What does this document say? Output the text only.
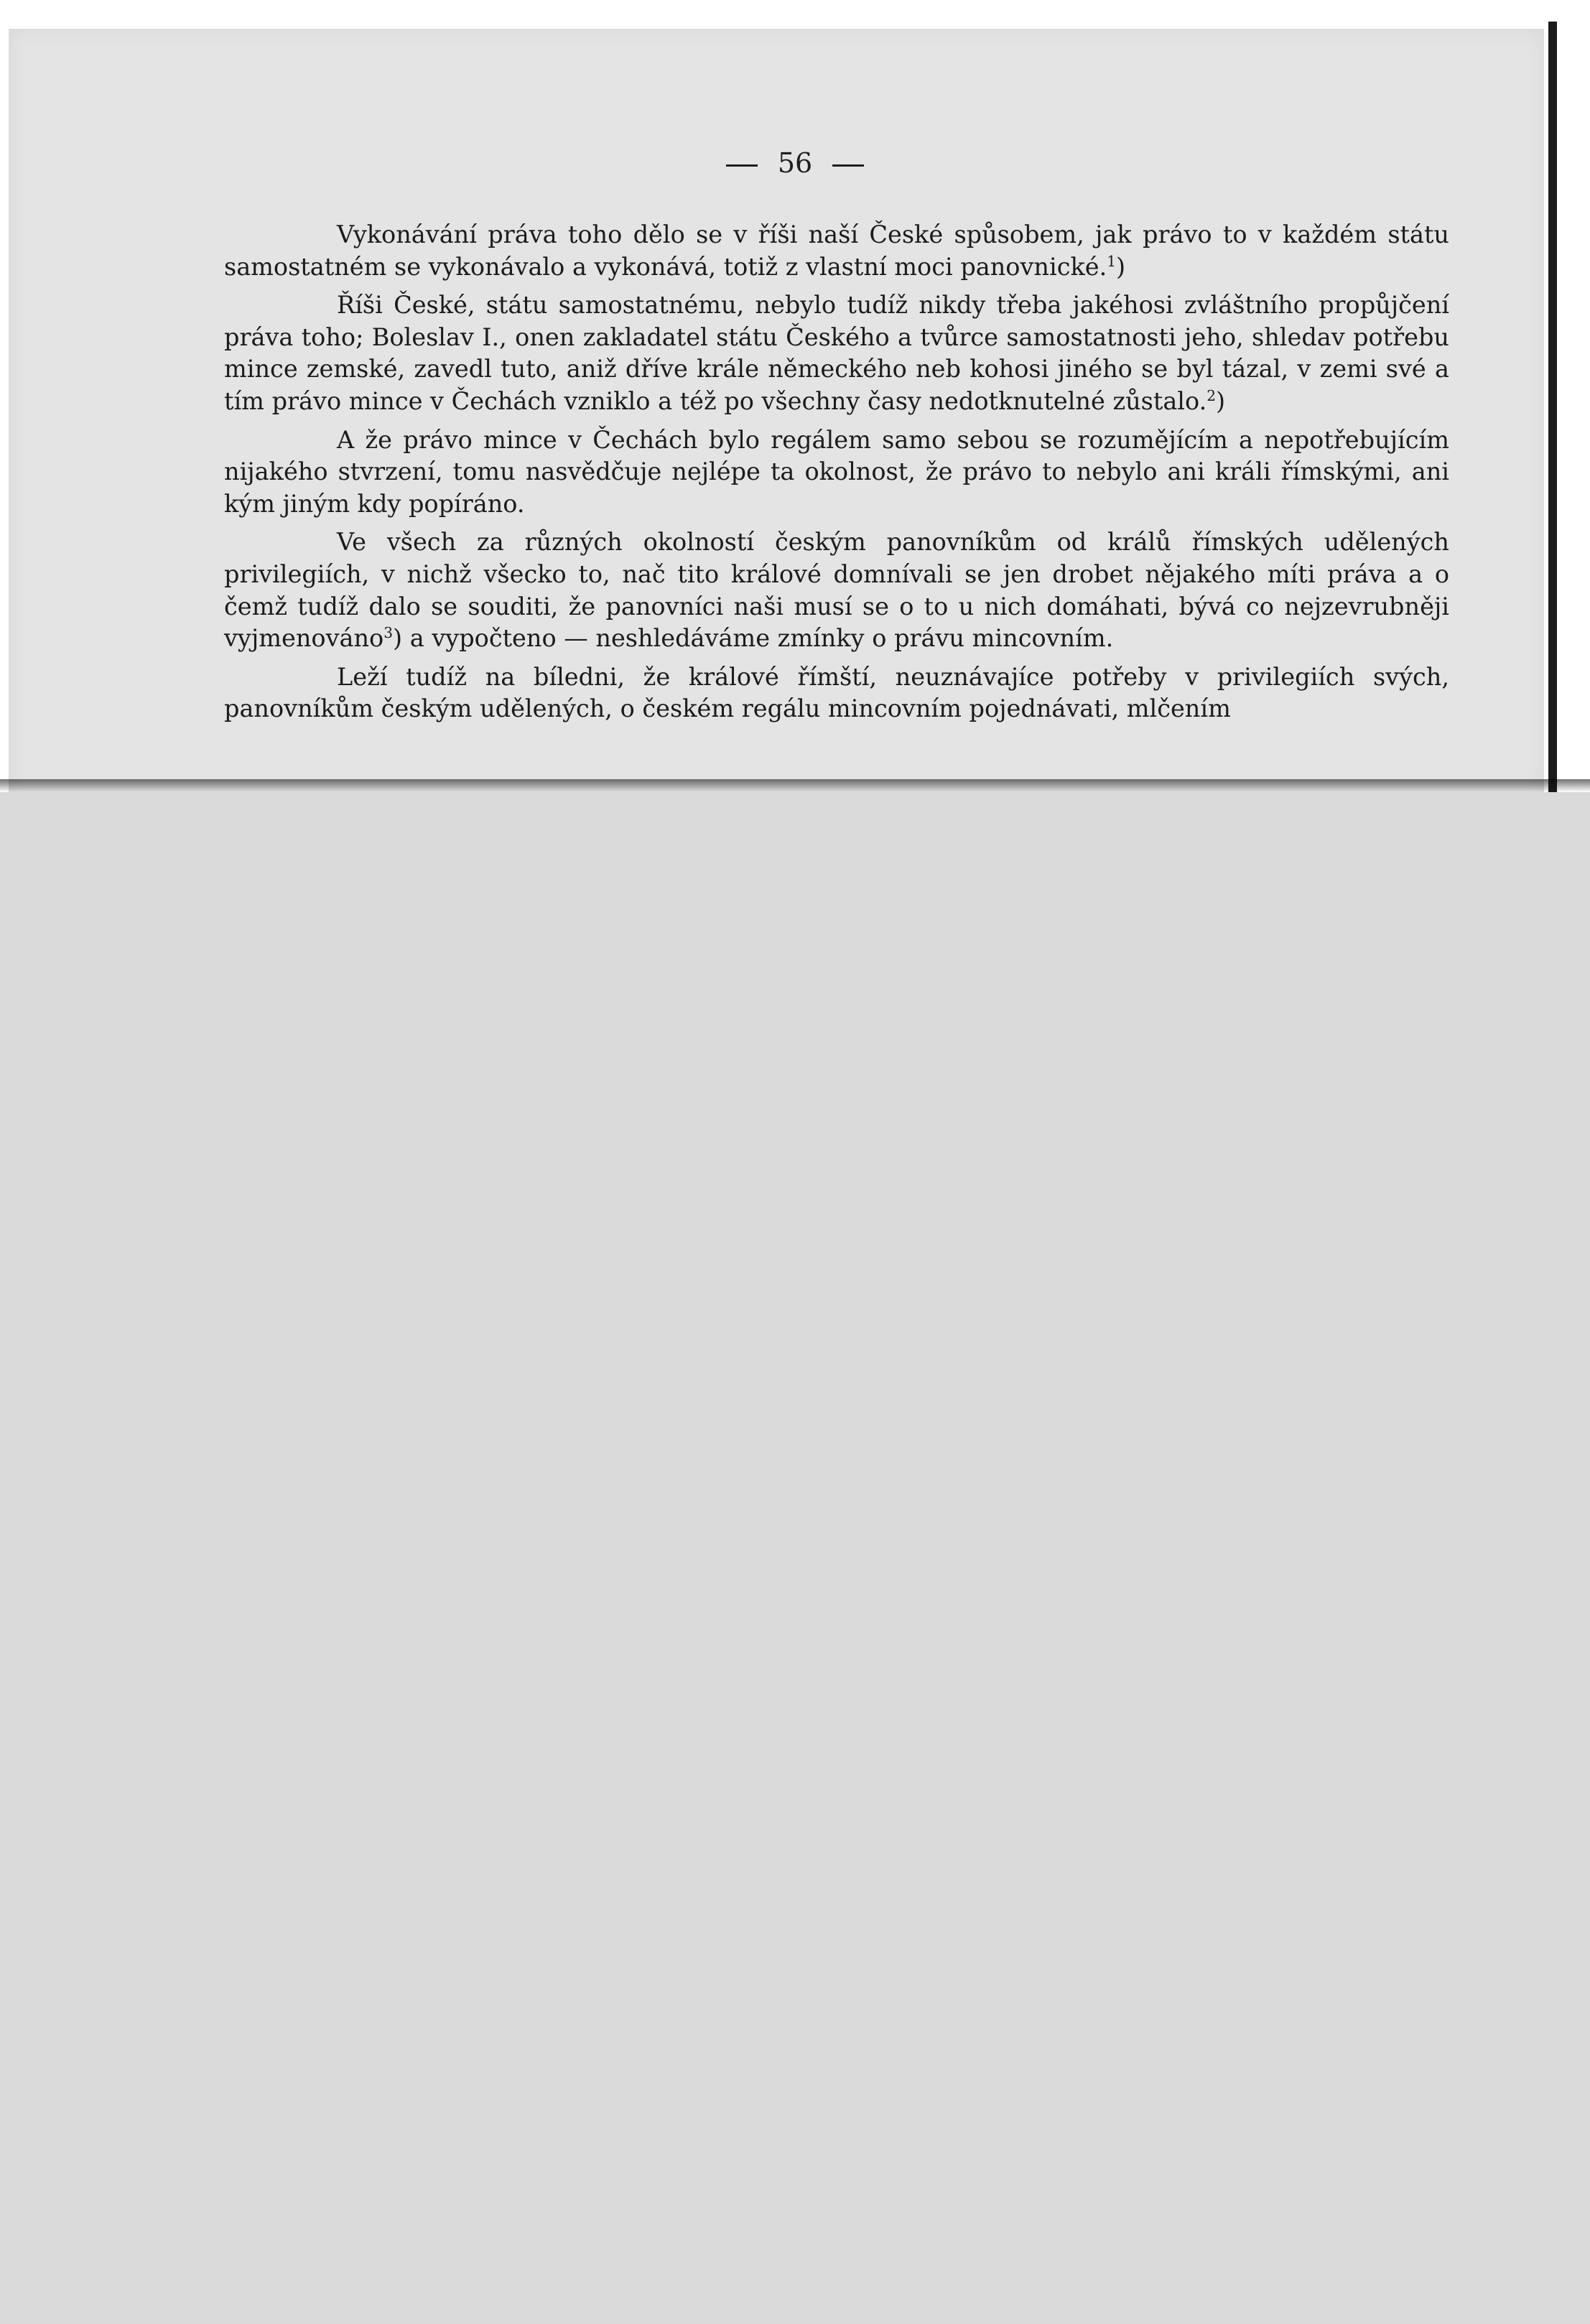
56

Vykonávání práva toho dělo se v říši naší České spůsobem, jak právo to v každém státu samostatném se vykonávalo a vykonává, totiž z vlastní moci panovnické.$^1$)

Říši České, státu samostatnému, nebylo tudíž nikdy třeba jakéhosi zvláštního propůjčení práva toho; Boleslav I., onen zakladatel státu Českého a tvůrce samostatnosti jeho, shledav potřebu mince zemské, zavedl tuto, aniž dříve krále německého neb kohosi jiného se byl tázal, v zemi své a tím právo mince v Čechách vzniklo a též po všechny časy nedotknutelné zůstalo.$^2$)

A že právo mince v Čechách bylo regálem samo sebou se rozumějícím a nepotřebujícím nijakého stvrzení, tomu nasvědčuje nejlépe ta okolnost, že právo to nebylo ani králi římskými, ani kým jiným kdy popíráno.

Ve všech za různých okolností českým panovníkům od králů římských udělených privilegiích, v nichž všecko to, nač tito králové domnívali se jen drobet nějakého míti práva a o čemž tudíž dalo se souditi, že panovníci naši musí se o to u nich domáhati, bývá co nejzevrubněji vyjmenováno$^3$) a vypočteno — neshledáváme zmínky o právu mincovním.

Leží tudíž na bíledni, že králové římští, neuznávajíce potřeby v privilegiích svých, panovníkům českým udělených, o českém regálu mincovním pojednávati, mlčením
